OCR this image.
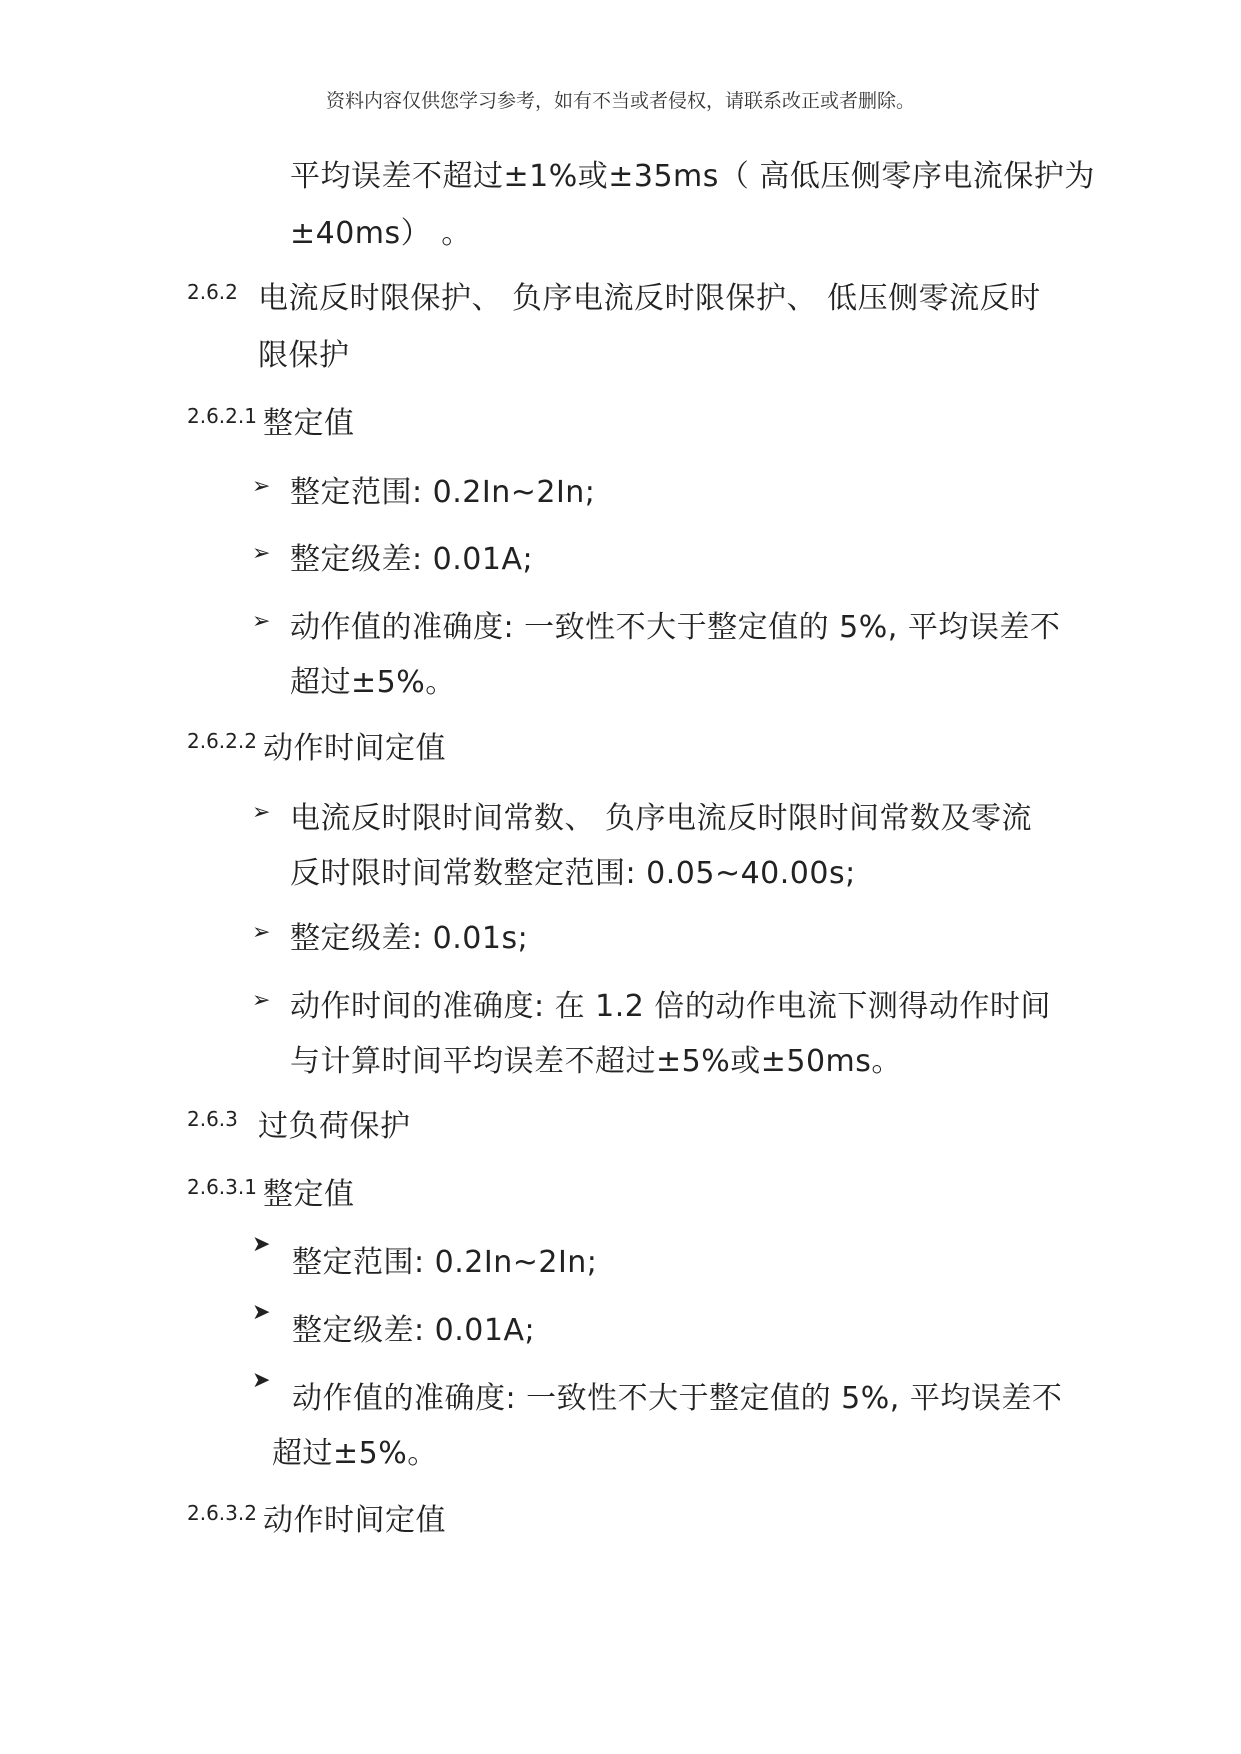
资料内容仅供您学习参考，如有不当或者侵权，请联系改正或者删除。
平均误差不超过±1%或±35ms（ 高低压侧零序电流保护为
±40ms） 。
2.6.2 电流反时限保护、 负序电流反时限保护、 低压侧零流反时
限保护
2.6.2.1 整定值
➢ 整定范围: 0.2In~2In;
➢ 整定级差: 0.01A;
➢ 动作值的准确度: 一致性不大于整定值的 5%, 平均误差不
超过±5%。
2.6.2.2 动作时间定值
➢ 电流反时限时间常数、 负序电流反时限时间常数及零流
反时限时间常数整定范围: 0.05~40.00s;
➢ 整定级差: 0.01s;
➢ 动作时间的准确度: 在 1.2 倍的动作电流下测得动作时间
与计算时间平均误差不超过±5%或±50ms。
2.6.3 过负荷保护
2.6.3.1 整定值
➤
整定范围: 0.2In~2In;
➤
整定级差: 0.01A;
➤
动作值的准确度: 一致性不大于整定值的 5%, 平均误差不
超过±5%。
2.6.3.2 动作时间定值
